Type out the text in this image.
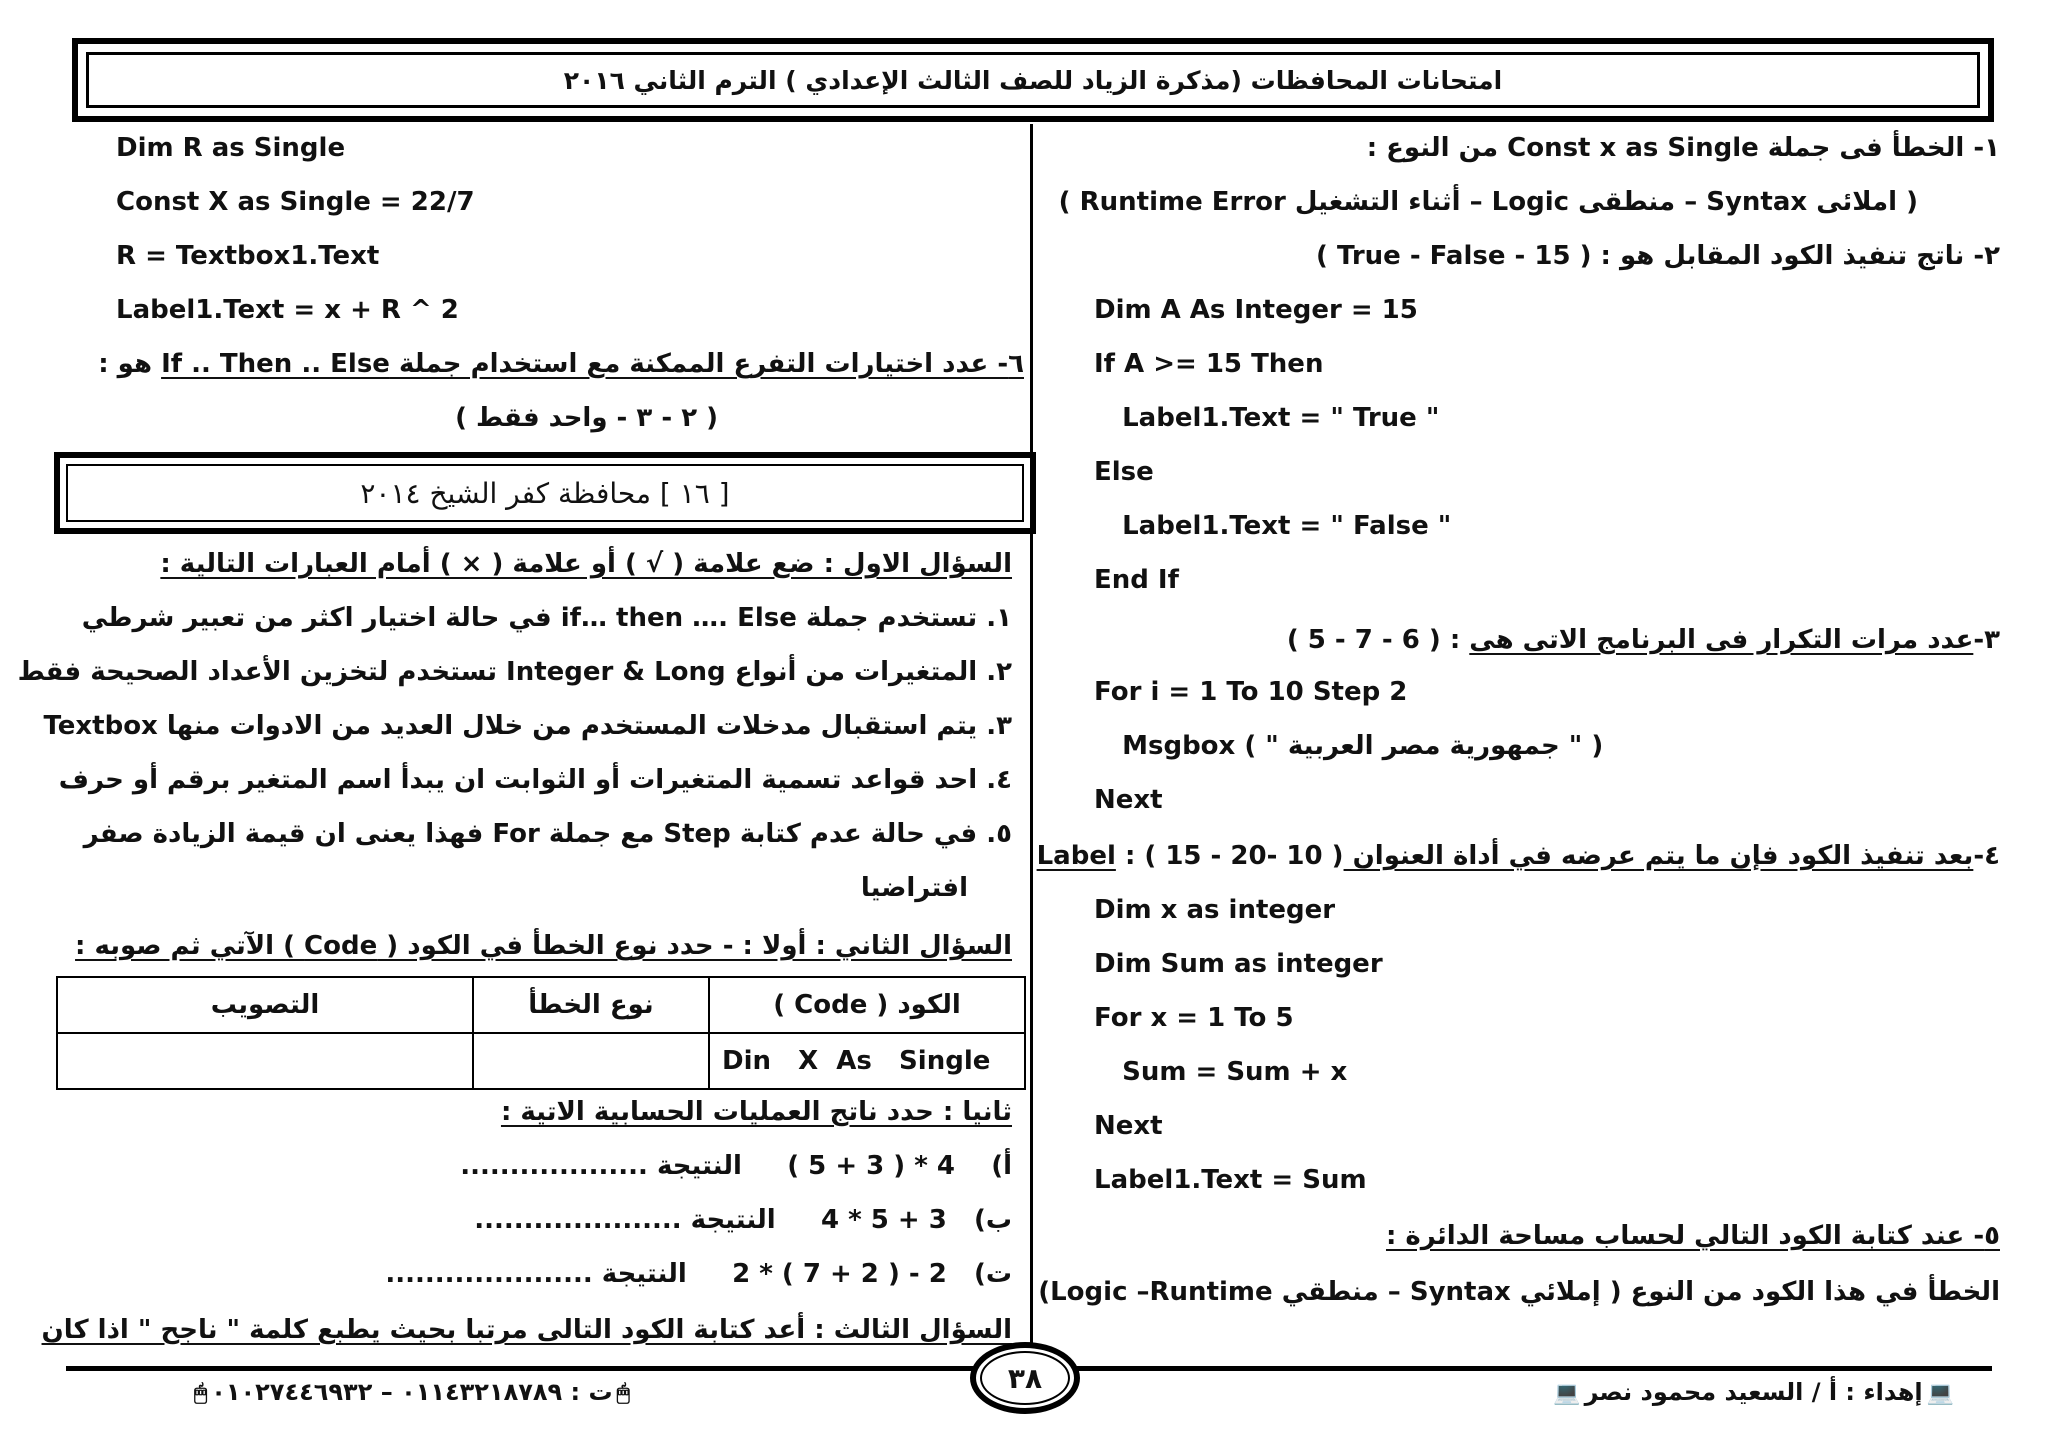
امتحانات المحافظات (مذكرة الزياد للصف الثالث الإعدادي ) الترم الثاني ٢٠١٦
١- الخطأ فى جملة Const x as Single من النوع :
( املائى Syntax – منطقى Logic – أثناء التشغيل Runtime Error )
٢- ناتج تنفيذ الكود المقابل هو : ( True - False - 15 )
Dim A As Integer = 15
If A >= 15 Then
Label1.Text = " True "
Else
Label1.Text = " False "
End If
٣-عدد مرات التكرار فى البرنامج الاتى هى : ( 6 - 7 - 5 )
For i = 1 To 10 Step 2
Msgbox ( " جمهورية مصر العربية " )
Next
٤-بعد تنفيذ الكود فإن ما يتم عرضه في أداة العنوان Label : ( 15 - 20- 10 )
Dim x as integer
Dim Sum as integer
For x = 1 To 5
Sum = Sum + x
Next
Label1.Text = Sum
٥- عند كتابة الكود التالي لحساب مساحة الدائرة :
الخطأ في هذا الكود من النوع ( إملائي Syntax – منطقي Logic –Runtime)
Dim R as Single
Const X as Single = 22/7
R = Textbox1.Text
Label1.Text = x + R ^ 2
٦- عدد اختيارات التفرع الممكنة مع استخدام جملة If .. Then .. Else هو :
( ٢ - ٣ - واحد فقط )
[ ١٦ ] محافظة كفر الشيخ ٢٠١٤
السؤال الاول : ضع علامة ( √ ) أو علامة ( × ) أمام العبارات التالية :
١. تستخدم جملة if… then …. Else في حالة اختيار اكثر من تعبير شرطي
٢. المتغيرات من أنواع Integer & Long تستخدم لتخزين الأعداد الصحيحة فقط
٣. يتم استقبال مدخلات المستخدم من خلال العديد من الادوات منها Textbox
٤. احد قواعد تسمية المتغيرات أو الثوابت ان يبدأ اسم المتغير برقم أو حرف
٥. في حالة عدم كتابة Step مع جملة For فهذا يعنى ان قيمة الزيادة صفر
افتراضيا
السؤال الثاني : أولا : - حدد نوع الخطأ في الكود ( Code ) الآتي ثم صوبه :
الكود ( Code )	نوع الخطأ	التصويب
Din   X  As   Single		
ثانيا : حدد ناتج العمليات الحسابية الاتية :
أ)    4 * ( 3 + 5 )     النتيجة ...................
ب)   3 + 5 * 4     النتيجة .....................
ت)   2 - ( 2 + 7 ) * 2     النتيجة .....................
السؤال الثالث : أعد كتابة الكود التالى مرتبا بحيث يطبع كلمة " ناجح " اذا كان
٣٨	💻إهداء : أ / السعيد محمود نصر💻
🖱ت : ٠١١٤٣٢١٨٧٨٩ – ٠١٠٢٧٤٤٦٩٣٢🖱
